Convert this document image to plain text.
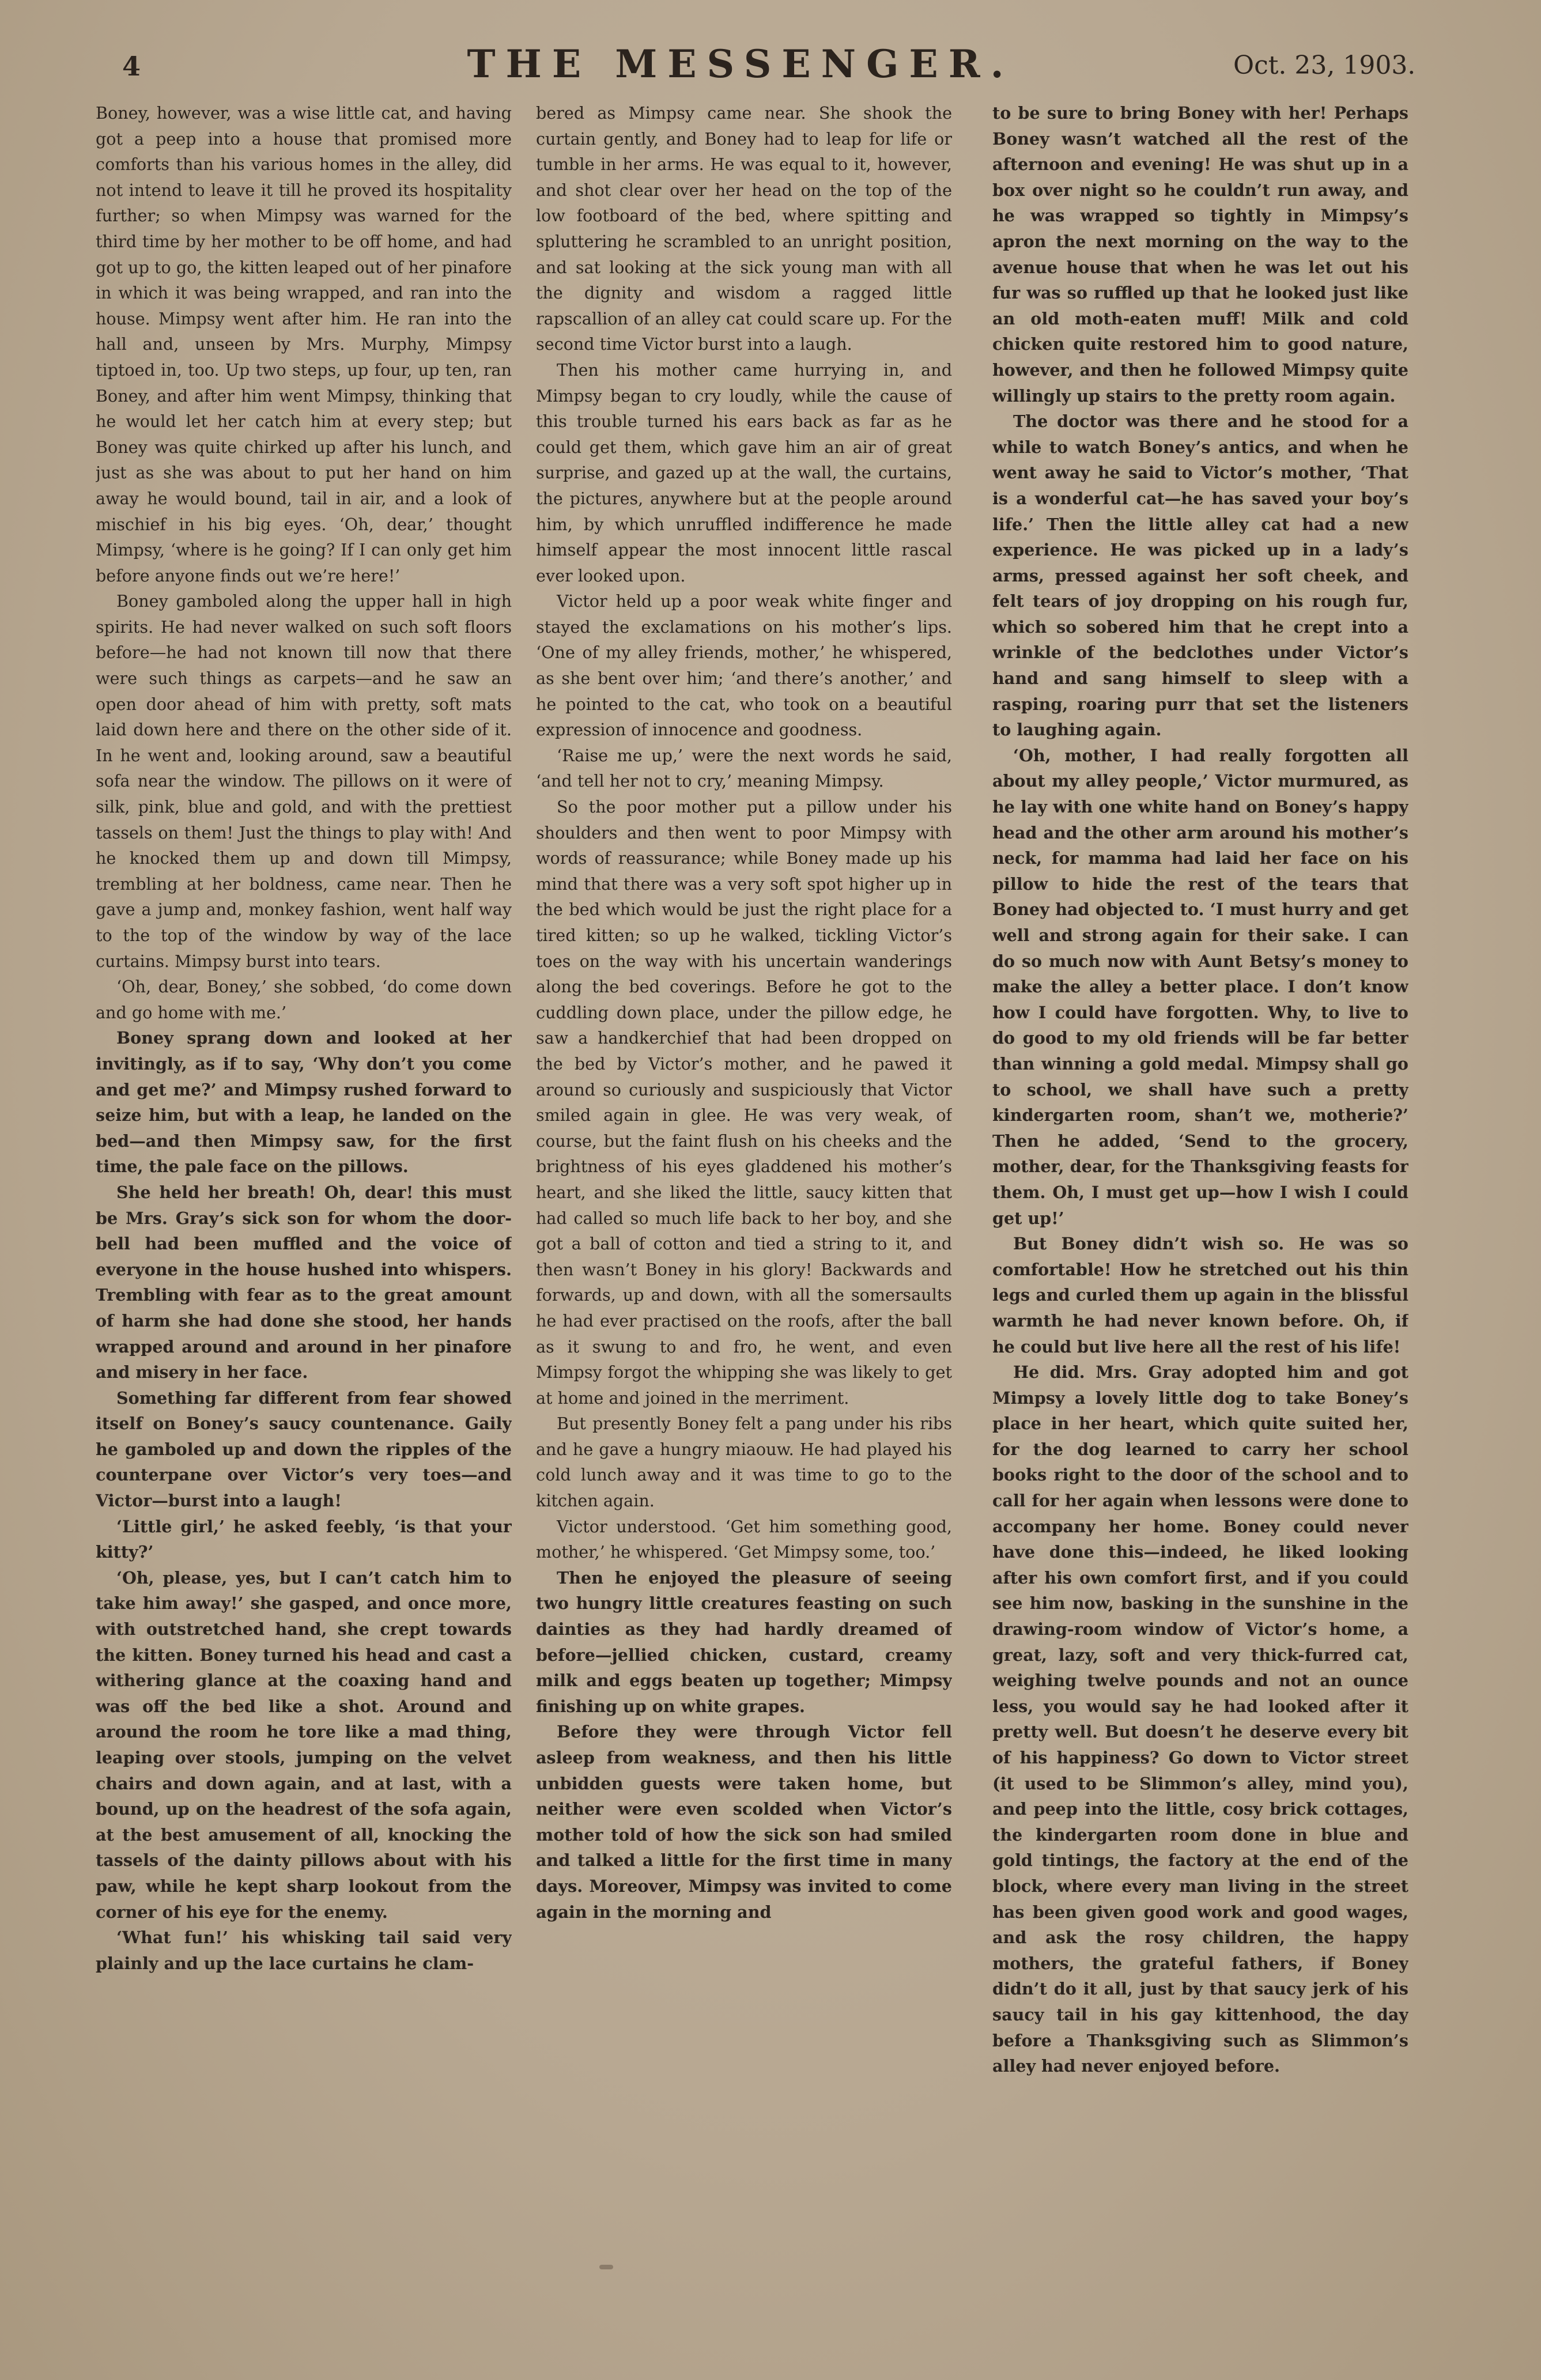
4	THE MESSENGER.	Oct. 23, 1903.

Boney, however, was a wise little cat, and having got a peep into a house that promised more comforts than his various homes in the alley, did not intend to leave it till he proved its hospitality further; so when Mimpsy was warned for the third time by her mother to be off home, and had got up to go, the kitten leaped out of her pinafore in which it was being wrapped, and ran into the house. Mimpsy went after him. He ran into the hall and, unseen by Mrs. Murphy, Mimpsy tiptoed in, too. Up two steps, up four, up ten, ran Boney, and after him went Mimpsy, thinking that he would let her catch him at every step; but Boney was quite chirked up after his lunch, and just as she was about to put her hand on him away he would bound, tail in air, and a look of mischief in his big eyes. ‘Oh, dear,’ thought Mimpsy, ‘where is he going? If I can only get him before anyone finds out we’re here!’

Boney gamboled along the upper hall in high spirits. He had never walked on such soft floors before—he had not known till now that there were such things as carpets—and he saw an open door ahead of him with pretty, soft mats laid down here and there on the other side of it. In he went and, looking around, saw a beautiful sofa near the window. The pillows on it were of silk, pink, blue and gold, and with the prettiest tassels on them! Just the things to play with! And he knocked them up and down till Mimpsy, trembling at her boldness, came near. Then he gave a jump and, monkey fashion, went half way to the top of the window by way of the lace curtains. Mimpsy burst into tears.

‘Oh, dear, Boney,’ she sobbed, ‘do come down and go home with me.’

Boney sprang down and looked at her invitingly, as if to say, ‘Why don’t you come and get me?’ and Mimpsy rushed forward to seize him, but with a leap, he landed on the bed—and then Mimpsy saw, for the first time, the pale face on the pillows.

She held her breath! Oh, dear! this must be Mrs. Gray’s sick son for whom the door-bell had been muffled and the voice of everyone in the house hushed into whispers. Trembling with fear as to the great amount of harm she had done she stood, her hands wrapped around and around in her pinafore and misery in her face.

Something far different from fear showed itself on Boney’s saucy countenance. Gaily he gamboled up and down the ripples of the counterpane over Victor’s very toes—and Victor—burst into a laugh!

‘Little girl,’ he asked feebly, ‘is that your kitty?’

‘Oh, please, yes, but I can’t catch him to take him away!’ she gasped, and once more, with outstretched hand, she crept towards the kitten. Boney turned his head and cast a withering glance at the coaxing hand and was off the bed like a shot. Around and around the room he tore like a mad thing, leaping over stools, jumping on the velvet chairs and down again, and at last, with a bound, up on the headrest of the sofa again, at the best amusement of all, knocking the tassels of the dainty pillows about with his paw, while he kept sharp lookout from the corner of his eye for the enemy.

‘What fun!’ his whisking tail said very plainly and up the lace curtains he clam-

bered as Mimpsy came near. She shook the curtain gently, and Boney had to leap for life or tumble in her arms. He was equal to it, however, and shot clear over her head on the top of the low footboard of the bed, where spitting and spluttering he scrambled to an unright position, and sat looking at the sick young man with all the dignity and wisdom a ragged little rapscallion of an alley cat could scare up. For the second time Victor burst into a laugh.

Then his mother came hurrying in, and Mimpsy began to cry loudly, while the cause of this trouble turned his ears back as far as he could get them, which gave him an air of great surprise, and gazed up at the wall, the curtains, the pictures, anywhere but at the people around him, by which unruffled indifference he made himself appear the most innocent little rascal ever looked upon.

Victor held up a poor weak white finger and stayed the exclamations on his mother’s lips. ‘One of my alley friends, mother,’ he whispered, as she bent over him; ‘and there’s another,’ and he pointed to the cat, who took on a beautiful expression of innocence and goodness.

‘Raise me up,’ were the next words he said, ‘and tell her not to cry,’ meaning Mimpsy.

So the poor mother put a pillow under his shoulders and then went to poor Mimpsy with words of reassurance; while Boney made up his mind that there was a very soft spot higher up in the bed which would be just the right place for a tired kitten; so up he walked, tickling Victor’s toes on the way with his uncertain wanderings along the bed coverings. Before he got to the cuddling down place, under the pillow edge, he saw a handkerchief that had been dropped on the bed by Victor’s mother, and he pawed it around so curiously and suspiciously that Victor smiled again in glee. He was very weak, of course, but the faint flush on his cheeks and the brightness of his eyes gladdened his mother’s heart, and she liked the little, saucy kitten that had called so much life back to her boy, and she got a ball of cotton and tied a string to it, and then wasn’t Boney in his glory! Backwards and forwards, up and down, with all the somersaults he had ever practised on the roofs, after the ball as it swung to and fro, he went, and even Mimpsy forgot the whipping she was likely to get at home and joined in the merriment.

But presently Boney felt a pang under his ribs and he gave a hungry miaouw. He had played his cold lunch away and it was time to go to the kitchen again.

Victor understood. ‘Get him something good, mother,’ he whispered. ‘Get Mimpsy some, too.’

Then he enjoyed the pleasure of seeing two hungry little creatures feasting on such dainties as they had hardly dreamed of before—jellied chicken, custard, creamy milk and eggs beaten up together; Mimpsy finishing up on white grapes.

Before they were through Victor fell asleep from weakness, and then his little unbidden guests were taken home, but neither were even scolded when Victor’s mother told of how the sick son had smiled and talked a little for the first time in many days. Moreover, Mimpsy was invited to come again in the morning and

to be sure to bring Boney with her! Perhaps Boney wasn’t watched all the rest of the afternoon and evening! He was shut up in a box over night so he couldn’t run away, and he was wrapped so tightly in Mimpsy’s apron the next morning on the way to the avenue house that when he was let out his fur was so ruffled up that he looked just like an old moth-eaten muff! Milk and cold chicken quite restored him to good nature, however, and then he followed Mimpsy quite willingly up stairs to the pretty room again.

The doctor was there and he stood for a while to watch Boney’s antics, and when he went away he said to Victor’s mother, ‘That is a wonderful cat—he has saved your boy’s life.’ Then the little alley cat had a new experience. He was picked up in a lady’s arms, pressed against her soft cheek, and felt tears of joy dropping on his rough fur, which so sobered him that he crept into a wrinkle of the bedclothes under Victor’s hand and sang himself to sleep with a rasping, roaring purr that set the listeners to laughing again.

‘Oh, mother, I had really forgotten all about my alley people,’ Victor murmured, as he lay with one white hand on Boney’s happy head and the other arm around his mother’s neck, for mamma had laid her face on his pillow to hide the rest of the tears that Boney had objected to. ‘I must hurry and get well and strong again for their sake. I can do so much now with Aunt Betsy’s money to make the alley a better place. I don’t know how I could have forgotten. Why, to live to do good to my old friends will be far better than winning a gold medal. Mimpsy shall go to school, we shall have such a pretty kindergarten room, shan’t we, motherie?’ Then he added, ‘Send to the grocery, mother, dear, for the Thanksgiving feasts for them. Oh, I must get up—how I wish I could get up!’

But Boney didn’t wish so. He was so comfortable! How he stretched out his thin legs and curled them up again in the blissful warmth he had never known before. Oh, if he could but live here all the rest of his life!

He did. Mrs. Gray adopted him and got Mimpsy a lovely little dog to take Boney’s place in her heart, which quite suited her, for the dog learned to carry her school books right to the door of the school and to call for her again when lessons were done to accompany her home. Boney could never have done this—indeed, he liked looking after his own comfort first, and if you could see him now, basking in the sunshine in the drawing-room window of Victor’s home, a great, lazy, soft and very thick-furred cat, weighing twelve pounds and not an ounce less, you would say he had looked after it pretty well. But doesn’t he deserve every bit of his happiness? Go down to Victor street (it used to be Slimmon’s alley, mind you), and peep into the little, cosy brick cottages, the kindergarten room done in blue and gold tintings, the factory at the end of the block, where every man living in the street has been given good work and good wages, and ask the rosy children, the happy mothers, the grateful fathers, if Boney didn’t do it all, just by that saucy jerk of his saucy tail in his gay kittenhood, the day before a Thanksgiving such as Slimmon’s alley had never enjoyed before.
